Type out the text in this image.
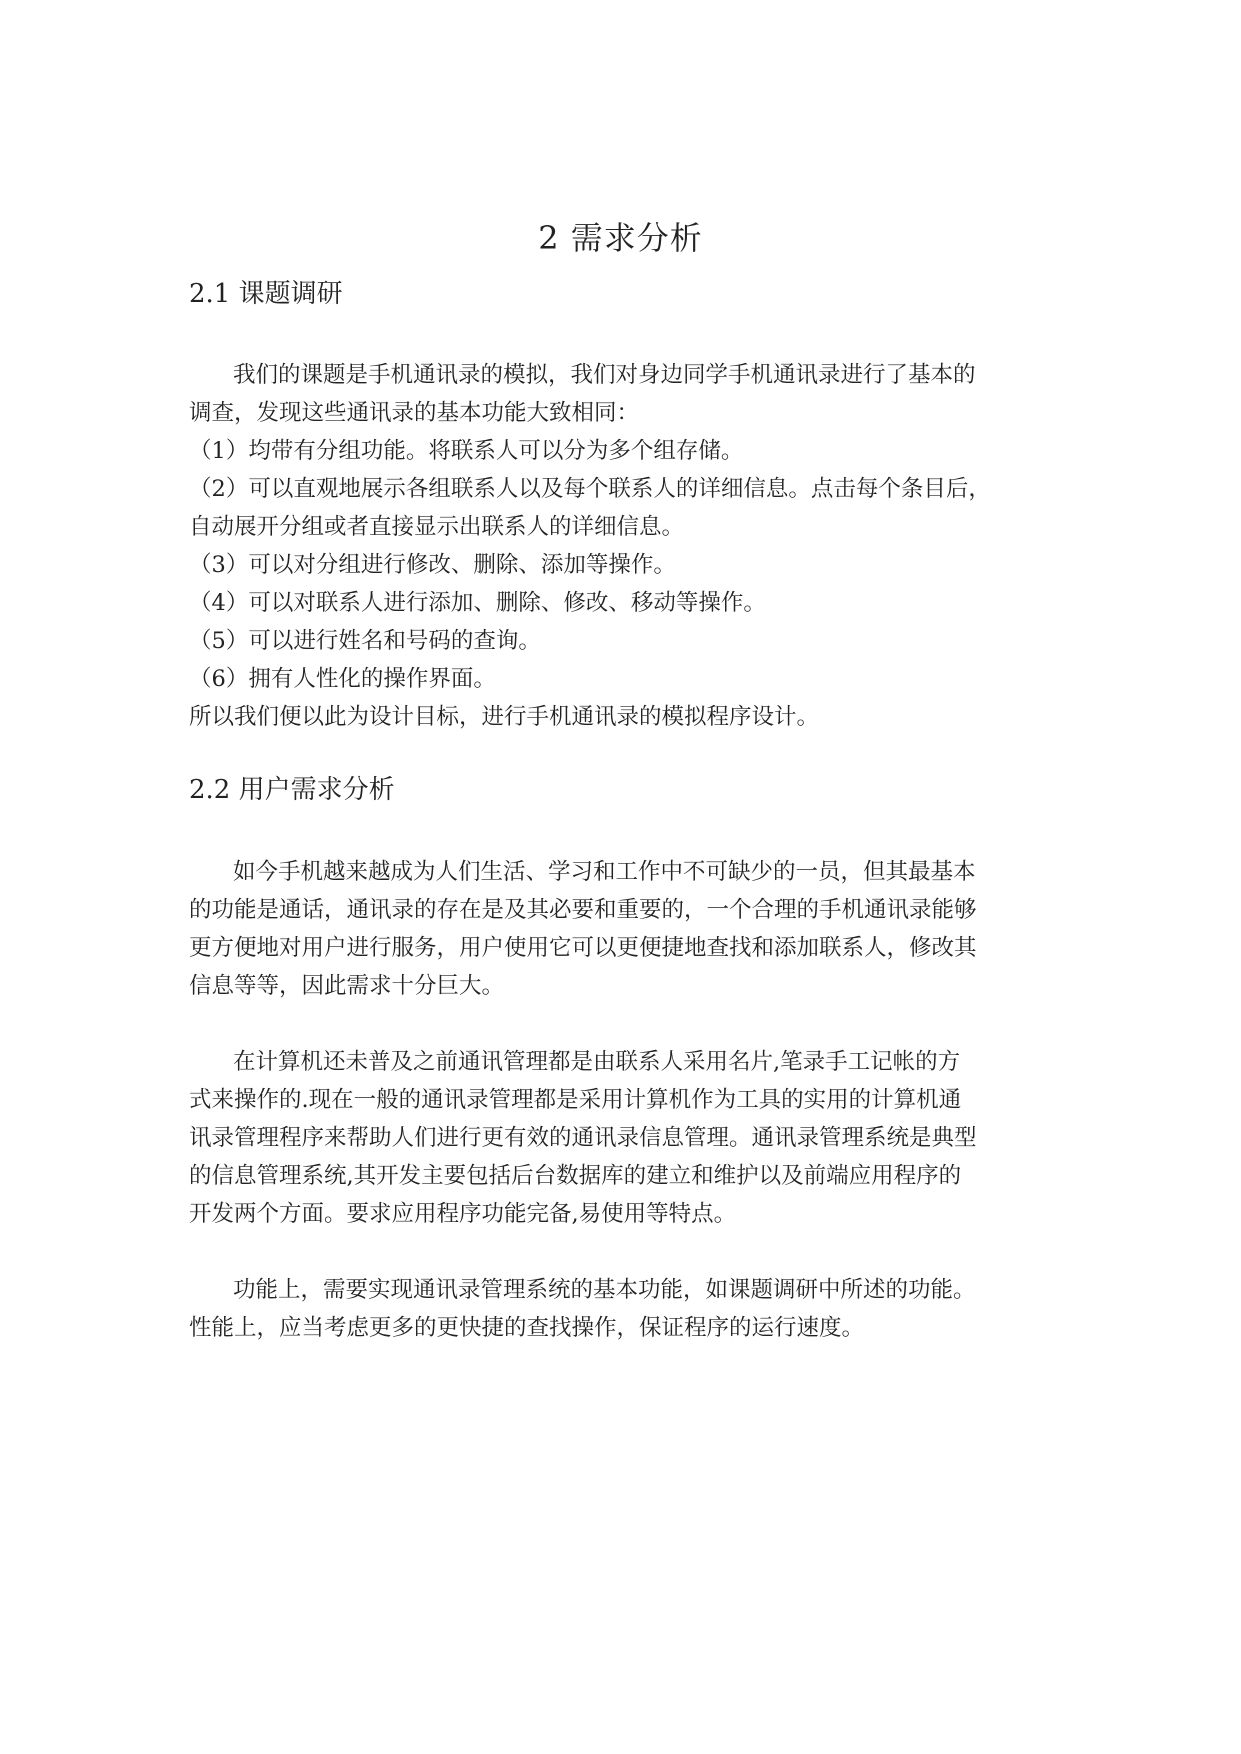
2 需求分析
2.1 课题调研
我们的课题是手机通讯录的模拟，我们对身边同学手机通讯录进行了基本的
调查，发现这些通讯录的基本功能大致相同：
（1）均带有分组功能。将联系人可以分为多个组存储。
（2）可以直观地展示各组联系人以及每个联系人的详细信息。点击每个条目后，
自动展开分组或者直接显示出联系人的详细信息。
（3）可以对分组进行修改、删除、添加等操作。
（4）可以对联系人进行添加、删除、修改、移动等操作。
（5）可以进行姓名和号码的查询。
（6）拥有人性化的操作界面。
所以我们便以此为设计目标，进行手机通讯录的模拟程序设计。
2.2 用户需求分析
如今手机越来越成为人们生活、学习和工作中不可缺少的一员，但其最基本
的功能是通话，通讯录的存在是及其必要和重要的，一个合理的手机通讯录能够
更方便地对用户进行服务，用户使用它可以更便捷地查找和添加联系人，修改其
信息等等，因此需求十分巨大。
在计算机还未普及之前通讯管理都是由联系人采用名片,笔录手工记帐的方
式来操作的.现在一般的通讯录管理都是采用计算机作为工具的实用的计算机通
讯录管理程序来帮助人们进行更有效的通讯录信息管理。通讯录管理系统是典型
的信息管理系统,其开发主要包括后台数据库的建立和维护以及前端应用程序的
开发两个方面。要求应用程序功能完备,易使用等特点。
功能上，需要实现通讯录管理系统的基本功能，如课题调研中所述的功能。
性能上，应当考虑更多的更快捷的查找操作，保证程序的运行速度。
